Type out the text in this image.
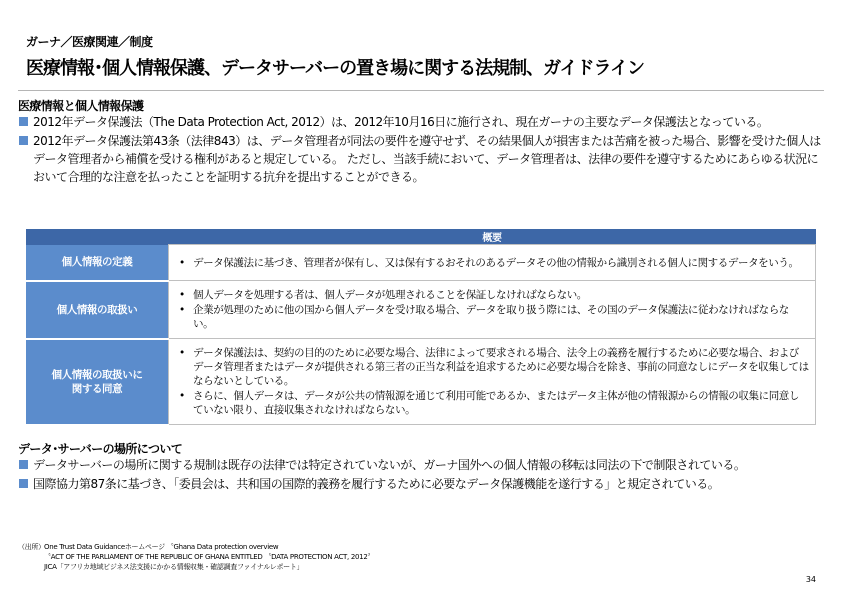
ガーナ／医療関連／制度
医療情報･個人情報保護、データサーバーの置き場に関する法規制、ガイドライン
医療情報と個人情報保護
2012年データ保護法（The Data Protection Act, 2012）は、2012年10月16日に施行され、現在ガーナの主要なデータ保護法となっている。
2012年データ保護法第43条（法律843）は、データ管理者が同法の要件を遵守せず、その結果個人が損害または苦痛を被った場合、影響を受けた個人はデータ管理者から補償を受ける権利があると規定している。 ただし、当該手続において、データ管理者は、法律の要件を遵守するためにあらゆる状況において合理的な注意を払ったことを証明する抗弁を提出することができる。
	概要
個人情報の定義	
•データ保護法に基づき、管理者が保有し、又は保有するおそれのあるデータその他の情報から識別される個人に関するデータをいう。

個人情報の取扱い	
• 個人データを処理する者は、個人データが処理されることを保証しなければならない。
• 企業が処理のために他の国から個人データを受け取る場合、データを取り扱う際には、その国のデータ保護法に従わなければならない。

個人情報の取扱いに関する同意	
• データ保護法は、契約の目的のために必要な場合、法律によって要求される場合、法令上の義務を履行するために必要な場合、およびデータ管理者またはデータが提供される第三者の正当な利益を追求するために必要な場合を除き、事前の同意なしにデータを収集してはならないとしている。
• さらに、個人データは、データが公共の情報源を通じて利用可能であるか、またはデータ主体が他の情報源からの情報の収集に同意していない限り、直接収集されなければならない。
データ･サーバーの場所について
データサーバーの場所に関する規制は既存の法律では特定されていないが、ガーナ国外への個人情報の移転は同法の下で制限されている。
国際協力第87条に基づき、「委員会は、共和国の国際的義務を履行するために必要なデータ保護機能を遂行する」と規定されている。
（出所）One Trust Data Guidanceホームページ 〝Ghana Data protection overview
〝ACT OF THE PARLIAMENT OF THE REPUBLIC OF GHANA ENTITLED 〝DATA PROTECTION ACT, 2012〞
JICA「アフリカ地域ビジネス法支援にかかる情報収集・確認調査ファイナルレポート」
34
